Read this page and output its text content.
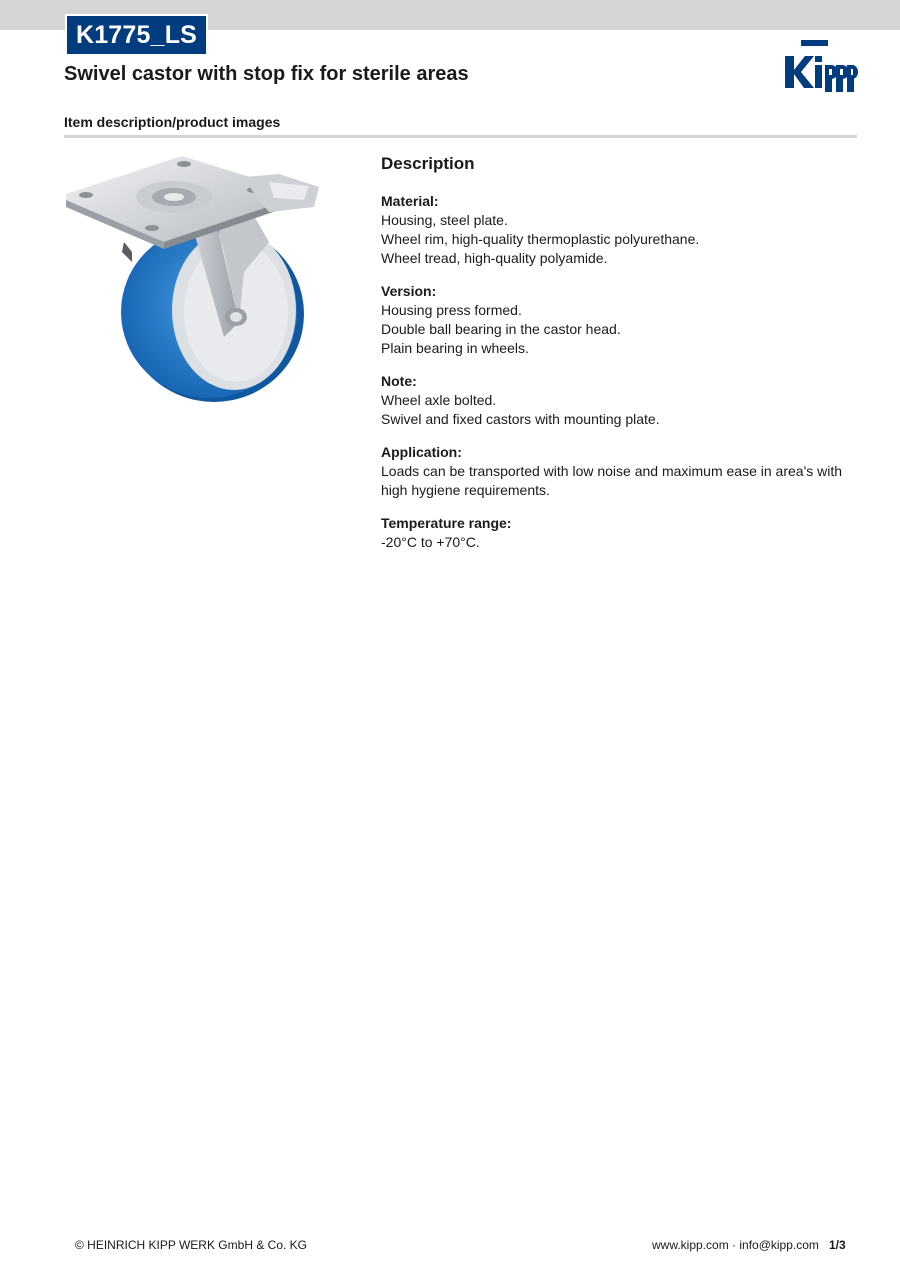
K1775_LS
Swivel castor with stop fix for sterile areas
Item description/product images
Description
Material:
Housing, steel plate.
Wheel rim, high-quality thermoplastic polyurethane.
Wheel tread, high-quality polyamide.
Version:
Housing press formed.
Double ball bearing in the castor head.
Plain bearing in wheels.
Note:
Wheel axle bolted.
Swivel and fixed castors with mounting plate.
Application:
Loads can be transported with low noise and maximum ease in area's with high hygiene requirements.
Temperature range:
-20°C to +70°C.
© HEINRICH KIPP WERK GmbH & Co. KG	www.kipp.com · info@kipp.com 1/3
